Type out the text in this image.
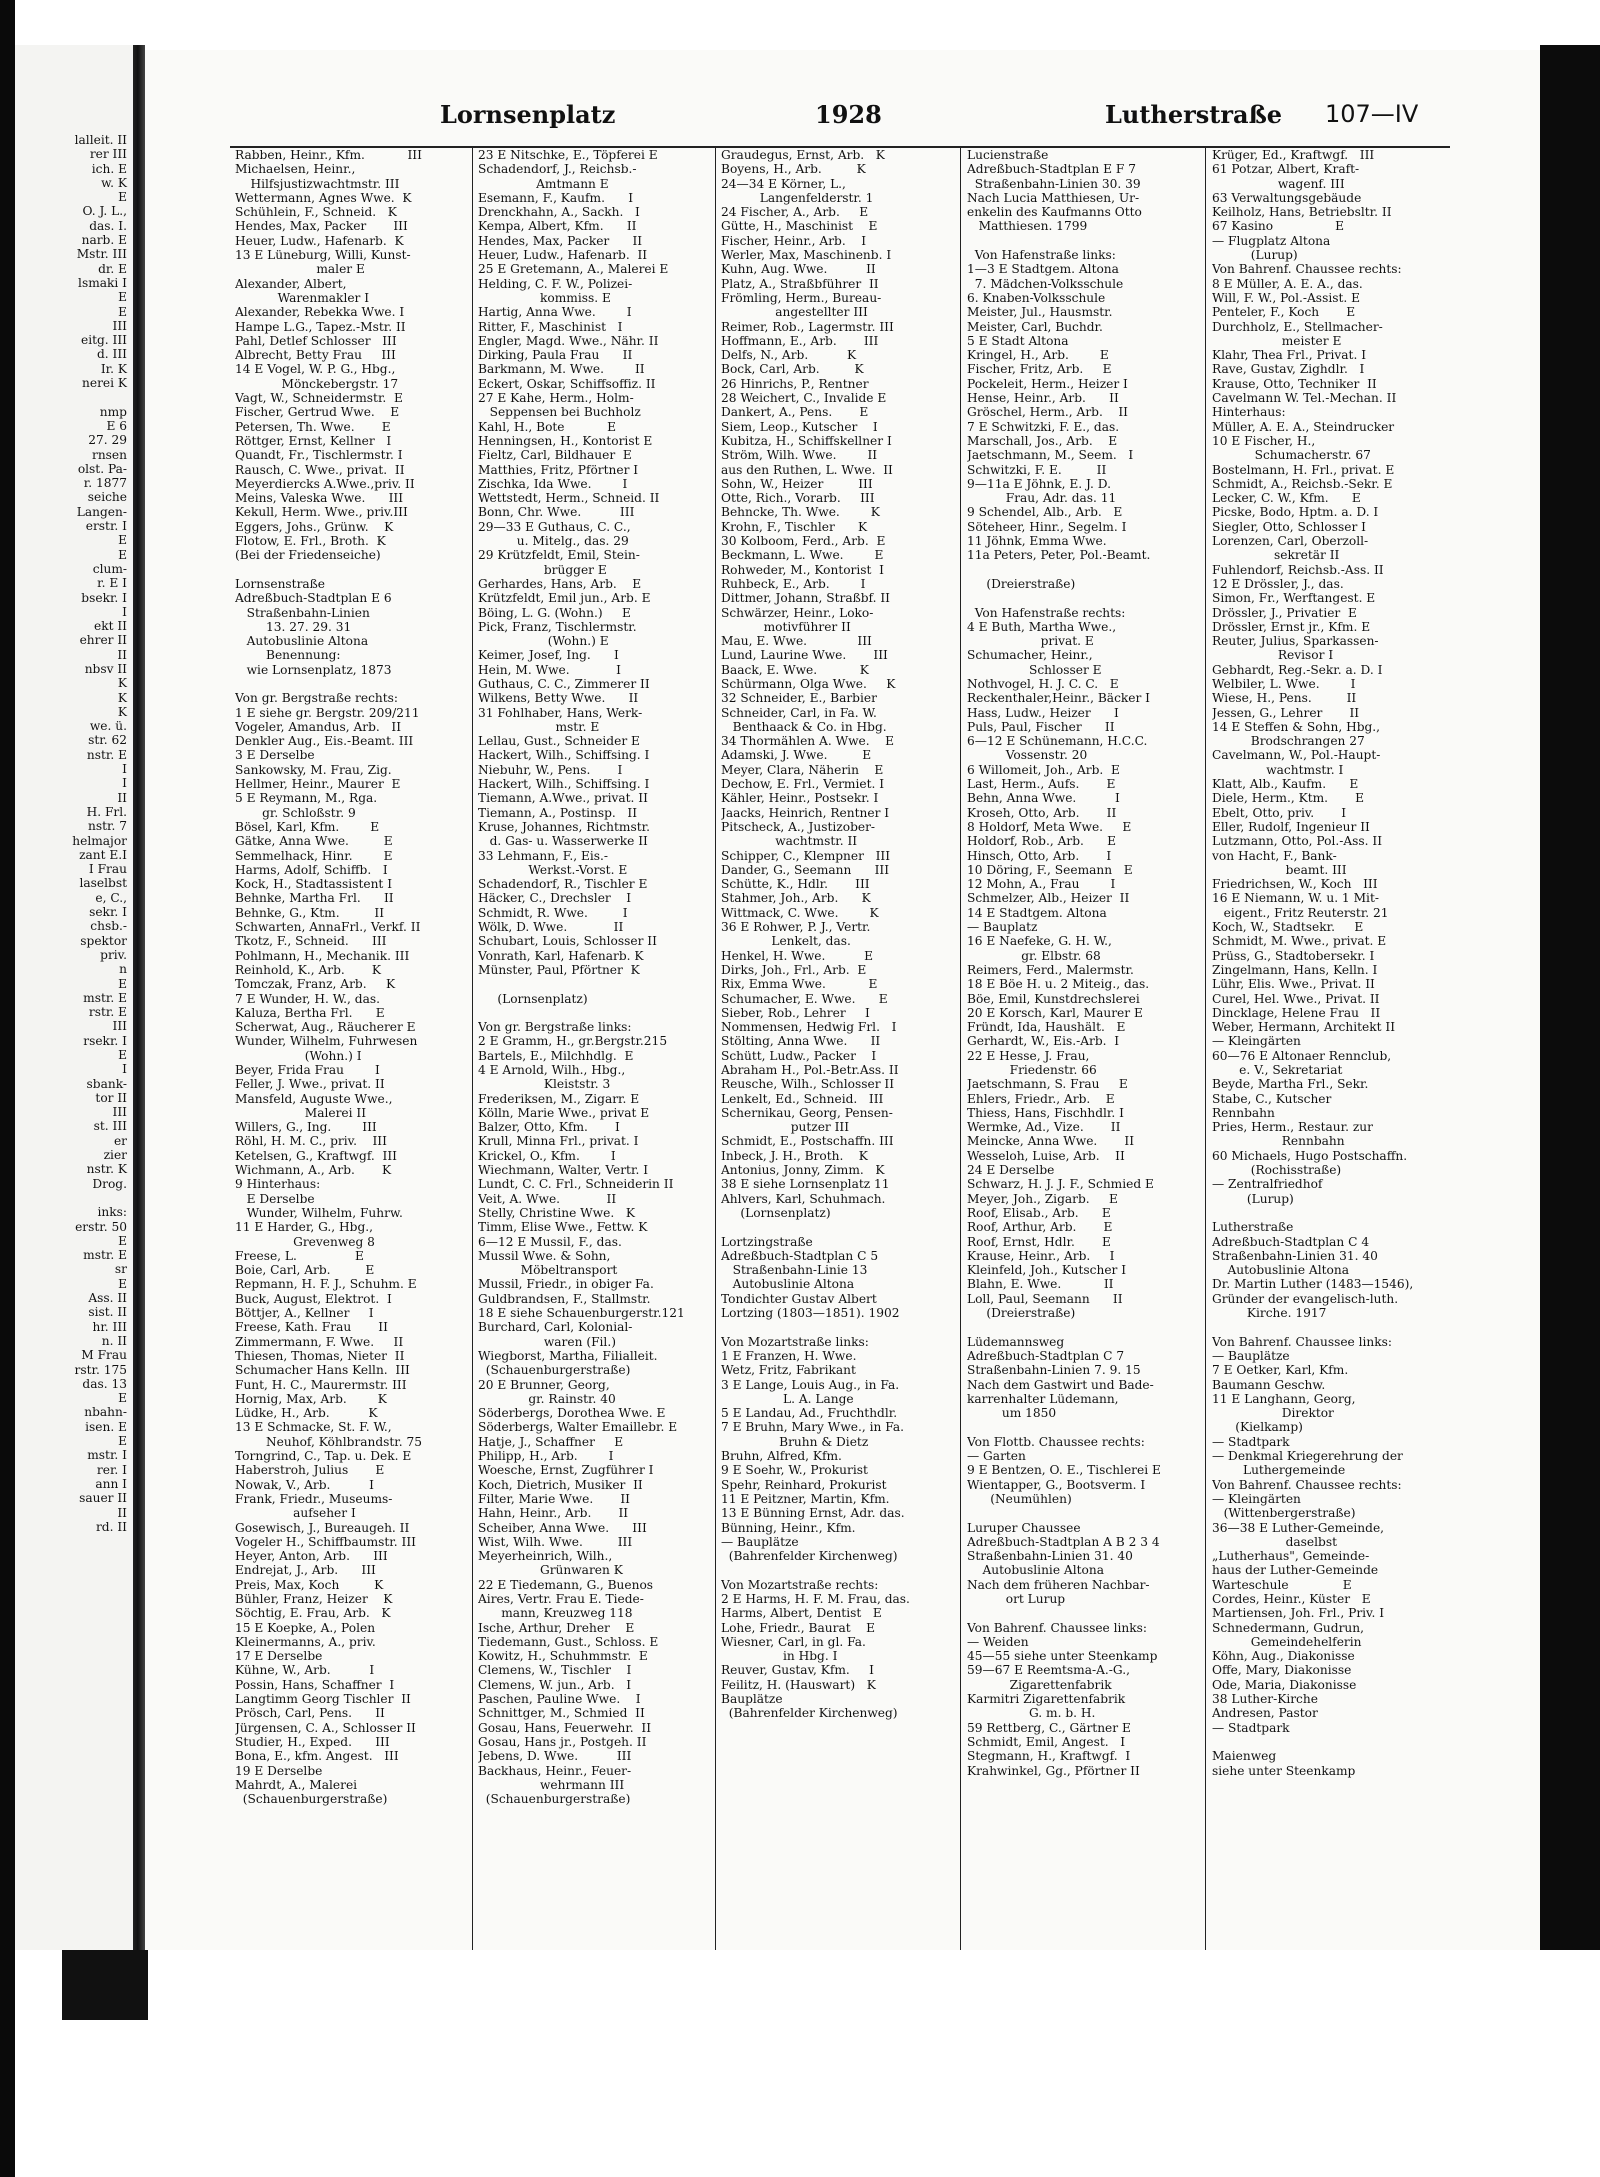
lalleit. II
rer III
ich. E
w. K
E
O. J. L.,
das. I.
narb. E
Mstr. III
dr. E
lsmaki I
E
E
III
eitg. III
d. III
Ir. K
nerei K

nmp
E 6
27. 29
rnsen
olst. Pa-
r. 1877
seiche
Langen-
erstr. I
E
E
clum-
r. E I
bsekr. I
I
ekt II
ehrer II
II
nbsv II
K
K
K
we. ü.
str. 62
nstr. E
I
I
II
H. Frl.
nstr. 7
helmajor
zant E.I
I Frau
laselbst
e, C.,
sekr. I
chsb.-
spektor
priv.
n
E
mstr. E
rstr. E
III
rsekr. I
E
I
sbank-
tor II
III
st. III
er
zier
nstr. K
Drog.

inks:
erstr. 50
E
mstr. E
sr
E
Ass. II
sist. II
hr. III
n. II
M Frau
rstr. 175
das. 13
E
nbahn-
isen. E
E
mstr. I
rer. I
ann I
sauer II
II
rd. II
Lornsenplatz	1928	Lutherstraße 107—IV
Rabben, Heinr., Kfm.           III
Michaelsen, Heinr.,
Hilfsjustizwachtmstr. III
Wettermann, Agnes Wwe.  K
Schühlein, F., Schneid.   K
Hendes, Max, Packer       III
Heuer, Ludw., Hafenarb.  K
13 E Lüneburg, Willi, Kunst-
maler E
Alexander, Albert,
Warenmakler I
Alexander, Rebekka Wwe. I
Hampe L.G., Tapez.-Mstr. II
Pahl, Detlef Schlosser   III
Albrecht, Betty Frau     III
14 E Vogel, W. P. G., Hbg.,
Mönckebergstr. 17
Vagt, W., Schneidermstr.  E
Fischer, Gertrud Wwe.    E
Petersen, Th. Wwe.       E
Röttger, Ernst, Kellner   I
Quandt, Fr., Tischlermstr. I
Rausch, C. Wwe., privat.  II
Meyerdiercks A.Wwe.,priv. II
Meins, Valeska Wwe.      III
Kekull, Herm. Wwe., priv.III
Eggers, Johs., Grünw.    K
Flotow, E. Frl., Broth.  K
(Bei der Friedenseiche)

Lornsenstraße
Adreßbuch-Stadtplan E 6
Straßenbahn-Linien
13. 27. 29. 31
Autobuslinie Altona
Benennung:
wie Lornsenplatz, 1873

Von gr. Bergstraße rechts:
1 E siehe gr. Bergstr. 209/211
Vogeler, Amandus, Arb.   II
Denkler Aug., Eis.-Beamt. III
3 E Derselbe
Sankowsky, M. Frau, Zig.
Hellmer, Heinr., Maurer  E
5 E Reymann, M., Rga.
gr. Schloßstr. 9
Bösel, Karl, Kfm.        E
Gätke, Anna Wwe.         E
Semmelhack, Hinr.        E
Harms, Adolf, Schiffb.   I
Kock, H., Stadtassistent I
Behnke, Martha Frl.      II
Behnke, G., Ktm.         II
Schwarten, AnnaFrl., Verkf. II
Tkotz, F., Schneid.      III
Pohlmann, H., Mechanik. III
Reinhold, K., Arb.       K
Tomczak, Franz, Arb.     K
7 E Wunder, H. W., das.
Kaluza, Bertha Frl.      E
Scherwat, Aug., Räucherer E
Wunder, Wilhelm, Fuhrwesen
(Wohn.) I
Beyer, Frida Frau        I
Feller, J. Wwe., privat. II
Mansfeld, Auguste Wwe.,
Malerei II
Willers, G., Ing.        III
Röhl, H. M. C., priv.    III
Ketelsen, G., Kraftwgf.  III
Wichmann, A., Arb.       K
9 Hinterhaus:
E Derselbe
Wunder, Wilhelm, Fuhrw.
11 E Harder, G., Hbg.,
Grevenweg 8
Freese, L.               E
Boie, Carl, Arb.         E
Repmann, H. F. J., Schuhm. E
Buck, August, Elektrot.  I
Böttjer, A., Kellner     I
Freese, Kath. Frau       II
Zimmermann, F. Wwe.     II
Thiesen, Thomas, Nieter  II
Schumacher Hans Kelln.  III
Funt, H. C., Maurermstr. III
Hornig, Max, Arb.        K
Lüdke, H., Arb.          K
13 E Schmacke, St. F. W.,
Neuhof, Köhlbrandstr. 75
Torngrind, C., Tap. u. Dek. E
Haberstroh, Julius       E
Nowak, V., Arb.          I
Frank, Friedr., Museums-
aufseher I
Gosewisch, J., Bureaugeh. II
Vogeler H., Schiffbaumstr. III
Heyer, Anton, Arb.      III
Endrejat, J., Arb.      III
Preis, Max, Koch         K
Bühler, Franz, Heizer    K
Söchtig, E. Frau, Arb.   K
15 E Koepke, A., Polen
Kleinermanns, A., priv.
17 E Derselbe
Kühne, W., Arb.          I
Possin, Hans, Schaffner  I
Langtimm Georg Tischler  II
Prösch, Carl, Pens.      II
Jürgensen, C. A., Schlosser II
Studier, H., Exped.      III
Bona, E., kfm. Angest.   III
19 E Derselbe
Mahrdt, A., Malerei
(Schauenburgerstraße)
23 E Nitschke, E., Töpferei E
Schadendorf, J., Reichsb.-
Amtmann E
Esemann, F., Kaufm.      I
Drenckhahn, A., Sackh.   I
Kempa, Albert, Kfm.      II
Hendes, Max, Packer      II
Heuer, Ludw., Hafenarb.  II
25 E Gretemann, A., Malerei E
Helding, C. F. W., Polizei-
kommiss. E
Hartig, Anna Wwe.        I
Ritter, F., Maschinist   I
Engler, Magd. Wwe., Nähr. II
Dirking, Paula Frau      II
Barkmann, M. Wwe.        II
Eckert, Oskar, Schiffsoffiz. II
27 E Kahe, Herm., Holm-
Seppensen bei Buchholz
Kahl, H., Bote           E
Henningsen, H., Kontorist E
Fieltz, Carl, Bildhauer  E
Matthies, Fritz, Pförtner I
Zischka, Ida Wwe.        I
Wettstedt, Herm., Schneid. II
Bonn, Chr. Wwe.          III
29—33 E Guthaus, C. C.,
u. Mitelg., das. 29
29 Krützfeldt, Emil, Stein-
brügger E
Gerhardes, Hans, Arb.    E
Krützfeldt, Emil jun., Arb. E
Böing, L. G. (Wohn.)     E
Pick, Franz, Tischlermstr.
(Wohn.) E
Keimer, Josef, Ing.      I
Hein, M. Wwe.            I
Guthaus, C. C., Zimmerer II
Wilkens, Betty Wwe.      II
31 Fohlhaber, Hans, Werk-
mstr. E
Lellau, Gust., Schneider E
Hackert, Wilh., Schiffsing. I
Niebuhr, W., Pens.       I
Hackert, Wilh., Schiffsing. I
Tiemann, A.Wwe., privat. II
Tiemann, A., Postinsp.   II
Kruse, Johannes, Richtmstr.
d. Gas- u. Wasserwerke II
33 Lehmann, F., Eis.-
Werkst.-Vorst. E
Schadendorf, R., Tischler E
Häcker, C., Drechsler    I
Schmidt, R. Wwe.         I
Wölk, D. Wwe.            II
Schubart, Louis, Schlosser II
Vonrath, Karl, Hafenarb. K
Münster, Paul, Pförtner  K

(Lornsenplatz)

Von gr. Bergstraße links:
2 E Gramm, H., gr.Bergstr.215
Bartels, E., Milchhdlg.  E
4 E Arnold, Wilh., Hbg.,
Kleiststr. 3
Frederiksen, M., Zigarr. E
Kölln, Marie Wwe., privat E
Balzer, Otto, Kfm.       I
Krull, Minna Frl., privat. I
Krickel, O., Kfm.        I
Wiechmann, Walter, Vertr. I
Lundt, C. C. Frl., Schneiderin II
Veit, A. Wwe.            II
Stelly, Christine Wwe.   K
Timm, Elise Wwe., Fettw. K
6—12 E Mussil, F., das.
Mussil Wwe. & Sohn,
Möbeltransport
Mussil, Friedr., in obiger Fa.
Guldbrandsen, F., Stallmstr.
18 E siehe Schauenburgerstr.121
Burchard, Carl, Kolonial-
waren (Fil.)
Wiegborst, Martha, Filialleit.
(Schauenburgerstraße)
20 E Brunner, Georg,
gr. Rainstr. 40
Söderbergs, Dorothea Wwe. E
Söderbergs, Walter Emaillebr. E
Hatje, J., Schaffner     E
Philipp, H., Arb.        I
Woesche, Ernst, Zugführer I
Koch, Dietrich, Musiker  II
Filter, Marie Wwe.       II
Hahn, Heinr., Arb.       II
Scheiber, Anna Wwe.      III
Wist, Wilh. Wwe.         III
Meyerheinrich, Wilh.,
Grünwaren K
22 E Tiedemann, G., Buenos
Aires, Vertr. Frau E. Tiede-
mann, Kreuzweg 118
Ische, Arthur, Dreher    E
Tiedemann, Gust., Schloss. E
Kowitz, H., Schuhmmstr.  E
Clemens, W., Tischler    I
Clemens, W. jun., Arb.   I
Paschen, Pauline Wwe.    I
Schnittger, M., Schmied  II
Gosau, Hans, Feuerwehr.  II
Gosau, Hans jr., Postgeh. II
Jebens, D. Wwe.          III
Backhaus, Heinr., Feuer-
wehrmann III
(Schauenburgerstraße)
Graudegus, Ernst, Arb.   K
Boyens, H., Arb.         K
24—34 E Körner, L.,
Langenfelderstr. 1
24 Fischer, A., Arb.     E
Gütte, H., Maschinist    E
Fischer, Heinr., Arb.    I
Werler, Max, Maschinenb. I
Kuhn, Aug. Wwe.          II
Platz, A., Straßbführer  II
Frömling, Herm., Bureau-
angestellter III
Reimer, Rob., Lagermstr. III
Hoffmann, E., Arb.       III
Delfs, N., Arb.          K
Bock, Carl, Arb.         K
26 Hinrichs, P., Rentner
28 Weichert, C., Invalide E
Dankert, A., Pens.       E
Siem, Leop., Kutscher    I
Kubitza, H., Schiffskellner I
Ström, Wilh. Wwe.        II
aus den Ruthen, L. Wwe.  II
Sohn, W., Heizer         III
Otte, Rich., Vorarb.     III
Behncke, Th. Wwe.        K
Krohn, F., Tischler      K
30 Kolboom, Ferd., Arb.  E
Beckmann, L. Wwe.        E
Rohweder, M., Kontorist  I
Ruhbeck, E., Arb.        I
Dittmer, Johann, Straßbf. II
Schwärzer, Heinr., Loko-
motivführer II
Mau, E. Wwe.             III
Lund, Laurine Wwe.       III
Baack, E. Wwe.           K
Schürmann, Olga Wwe.     K
32 Schneider, E., Barbier
Schneider, Carl, in Fa. W.
Benthaack & Co. in Hbg.
34 Thormählen A. Wwe.    E
Adamski, J. Wwe.         E
Meyer, Clara, Näherin    E
Dechow, E. Frl., Vermiet. I
Kähler, Heinr., Postsekr. I
Jaacks, Heinrich, Rentner I
Pitscheck, A., Justizober-
wachtmstr. II
Schipper, C., Klempner   III
Dander, G., Seemann      III
Schütte, K., Hdlr.       III
Stahmer, Joh., Arb.      K
Wittmack, C. Wwe.        K
36 E Rohwer, P. J., Vertr.
Lenkelt, das.
Henkel, H. Wwe.          E
Dirks, Joh., Frl., Arb.  E
Rix, Emma Wwe.           E
Schumacher, E. Wwe.      E
Sieber, Rob., Lehrer     I
Nommensen, Hedwig Frl.   I
Stölting, Anna Wwe.      II
Schütt, Ludw., Packer    I
Abraham H., Pol.-Betr.Ass. II
Reusche, Wilh., Schlosser II
Lenkelt, Ed., Schneid.   III
Schernikau, Georg, Pensen-
putzer III
Schmidt, E., Postschaffn. III
Inbeck, J. H., Broth.    K
Antonius, Jonny, Zimm.   K
38 E siehe Lornsenplatz 11
Ahlvers, Karl, Schuhmach.
(Lornsenplatz)

Lortzingstraße
Adreßbuch-Stadtplan C 5
Straßenbahn-Linie 13
Autobuslinie Altona
Tondichter Gustav Albert
Lortzing (1803—1851). 1902

Von Mozartstraße links:
1 E Franzen, H. Wwe.
Wetz, Fritz, Fabrikant
3 E Lange, Louis Aug., in Fa.
L. A. Lange
5 E Landau, Ad., Fruchthdlr.
7 E Bruhn, Mary Wwe., in Fa.
Bruhn & Dietz
Bruhn, Alfred, Kfm.
9 E Soehr, W., Prokurist
Spehr, Reinhard, Prokurist
11 E Peitzner, Martin, Kfm.
13 E Bünning Ernst, Adr. das.
Bünning, Heinr., Kfm.
— Bauplätze
(Bahrenfelder Kirchenweg)

Von Mozartstraße rechts:
2 E Harms, H. F. M. Frau, das.
Harms, Albert, Dentist   E
Lohe, Friedr., Baurat    E
Wiesner, Carl, in gl. Fa.
in Hbg. I
Reuver, Gustav, Kfm.     I
Feilitz, H. (Hauswart)   K
Bauplätze
(Bahrenfelder Kirchenweg)
Lucienstraße
Adreßbuch-Stadtplan E F 7
Straßenbahn-Linien 30. 39
Nach Lucia Matthiesen, Ur-
enkelin des Kaufmanns Otto
Matthiesen. 1799

Von Hafenstraße links:
1—3 E Stadtgem. Altona
7. Mädchen-Volksschule
6. Knaben-Volksschule
Meister, Jul., Hausmstr.
Meister, Carl, Buchdr.
5 E Stadt Altona
Kringel, H., Arb.        E
Fischer, Fritz, Arb.     E
Pockeleit, Herm., Heizer I
Hense, Heinr., Arb.      II
Gröschel, Herm., Arb.    II
7 E Schwitzki, F. E., das.
Marschall, Jos., Arb.    E
Jaetschmann, M., Seem.   I
Schwitzki, F. E.         II
9—11a E Jöhnk, E. J. D.
Frau, Adr. das. 11
9 Schendel, Alb., Arb.   E
Söteheer, Hinr., Segelm. I
11 Jöhnk, Emma Wwe.
11a Peters, Peter, Pol.-Beamt.

(Dreierstraße)

Von Hafenstraße rechts:
4 E Buth, Martha Wwe.,
privat. E
Schumacher, Heinr.,
Schlosser E
Nothvogel, H. J. C. C.   E
Reckenthaler,Heinr., Bäcker I
Hass, Ludw., Heizer      I
Puls, Paul, Fischer      II
6—12 E Schünemann, H.C.C.
Vossenstr. 20
6 Willomeit, Joh., Arb.  E
Last, Herm., Aufs.       E
Behn, Anna Wwe.          I
Kroseh, Otto, Arb.       II
8 Holdorf, Meta Wwe.     E
Holdorf, Rob., Arb.      E
Hinsch, Otto, Arb.       I
10 Döring, F., Seemann   E
12 Mohn, A., Frau        I
Schmelzer, Alb., Heizer  II
14 E Stadtgem. Altona
— Bauplatz
16 E Naefeke, G. H. W.,
gr. Elbstr. 68
Reimers, Ferd., Malermstr.
18 E Böe H. u. 2 Miteig., das.
Böe, Emil, Kunstdrechslerei
20 E Korsch, Karl, Maurer E
Fründt, Ida, Haushält.   E
Gerhardt, W., Eis.-Arb.  I
22 E Hesse, J. Frau,
Friedenstr. 66
Jaetschmann, S. Frau     E
Ehlers, Friedr., Arb.    E
Thiess, Hans, Fischhdlr. I
Wermke, Ad., Vize.       II
Meincke, Anna Wwe.       II
Wesseloh, Luise, Arb.    II
24 E Derselbe
Schwarz, H. J. J. F., Schmied E
Meyer, Joh., Zigarb.     E
Roof, Elisab., Arb.      E
Roof, Arthur, Arb.       E
Roof, Ernst, Hdlr.       E
Krause, Heinr., Arb.     I
Kleinfeld, Joh., Kutscher I
Blahn, E. Wwe.           II
Loll, Paul, Seemann      II
(Dreierstraße)

Lüdemannsweg
Adreßbuch-Stadtplan C 7
Straßenbahn-Linien 7. 9. 15
Nach dem Gastwirt und Bade-
karrenhalter Lüdemann,
um 1850

Von Flottb. Chaussee rechts:
— Garten
9 E Bentzen, O. E., Tischlerei E
Wientapper, G., Bootsverm. I
(Neumühlen)

Luruper Chaussee
Adreßbuch-Stadtplan A B 2 3 4
Straßenbahn-Linien 31. 40
Autobuslinie Altona
Nach dem früheren Nachbar-
ort Lurup

Von Bahrenf. Chaussee links:
— Weiden
45—55 siehe unter Steenkamp
59—67 E Reemtsma-A.-G.,
Zigarettenfabrik
Karmitri Zigarettenfabrik
G. m. b. H.
59 Rettberg, C., Gärtner E
Schmidt, Emil, Angest.   I
Stegmann, H., Kraftwgf.  I
Krahwinkel, Gg., Pförtner II
Krüger, Ed., Kraftwgf.   III
61 Potzar, Albert, Kraft-
wagenf. III
63 Verwaltungsgebäude
Keilholz, Hans, Betriebsltr. II
67 Kasino                E
— Flugplatz Altona
(Lurup)
Von Bahrenf. Chaussee rechts:
8 E Müller, A. E. A., das.
Will, F. W., Pol.-Assist. E
Penteler, F., Koch       E
Durchholz, E., Stellmacher-
meister E
Klahr, Thea Frl., Privat. I
Rave, Gustav, Zighdlr.   I
Krause, Otto, Techniker  II
Cavelmann W. Tel.-Mechan. II
Hinterhaus:
Müller, A. E. A., Steindrucker
10 E Fischer, H.,
Schumacherstr. 67
Bostelmann, H. Frl., privat. E
Schmidt, A., Reichsb.-Sekr. E
Lecker, C. W., Kfm.      E
Picske, Bodo, Hptm. a. D. I
Siegler, Otto, Schlosser I
Lorenzen, Carl, Oberzoll-
sekretär II
Fuhlendorf, Reichsb.-Ass. II
12 E Drössler, J., das.
Simon, Fr., Werftangest. E
Drössler, J., Privatier  E
Drössler, Ernst jr., Kfm. E
Reuter, Julius, Sparkassen-
Revisor I
Gebhardt, Reg.-Sekr. a. D. I
Welbiler, L. Wwe.        I
Wiese, H., Pens.         II
Jessen, G., Lehrer       II
14 E Steffen & Sohn, Hbg.,
Brodschrangen 27
Cavelmann, W., Pol.-Haupt-
wachtmstr. I
Klatt, Alb., Kaufm.      E
Diele, Herm., Ktm.       E
Ebelt, Otto, priv.       I
Eller, Rudolf, Ingenieur II
Lutzmann, Otto, Pol.-Ass. II
von Hacht, F., Bank-
beamt. III
Friedrichsen, W., Koch   III
16 E Niemann, W. u. 1 Mit-
eigent., Fritz Reuterstr. 21
Koch, W., Stadtsekr.     E
Schmidt, M. Wwe., privat. E
Prüss, G., Stadtobersekr. I
Zingelmann, Hans, Kelln. I
Lühr, Elis. Wwe., Privat. II
Curel, Hel. Wwe., Privat. II
Dincklage, Helene Frau   II
Weber, Hermann, Architekt II
— Kleingärten
60—76 E Altonaer Rennclub,
e. V., Sekretariat
Beyde, Martha Frl., Sekr.
Stabe, C., Kutscher
Rennbahn
Pries, Herm., Restaur. zur
Rennbahn
60 Michaels, Hugo Postschaffn.
(Rochisstraße)
— Zentralfriedhof
(Lurup)

Lutherstraße
Adreßbuch-Stadtplan C 4
Straßenbahn-Linien 31. 40
Autobuslinie Altona
Dr. Martin Luther (1483—1546),
Gründer der evangelisch-luth.
Kirche. 1917

Von Bahrenf. Chaussee links:
— Bauplätze
7 E Oetker, Karl, Kfm.
Baumann Geschw.
11 E Langhann, Georg,
Direktor
(Kielkamp)
— Stadtpark
— Denkmal Kriegerehrung der
Luthergemeinde
Von Bahrenf. Chaussee rechts:
— Kleingärten
(Wittenbergerstraße)
36—38 E Luther-Gemeinde,
daselbst
„Lutherhaus", Gemeinde-
haus der Luther-Gemeinde
Warteschule              E
Cordes, Heinr., Küster   E
Martiensen, Joh. Frl., Priv. I
Schnedermann, Gudrun,
Gemeindehelferin
Köhn, Aug., Diakonisse
Offe, Mary, Diakonisse
Ode, Maria, Diakonisse
38 Luther-Kirche
Andresen, Pastor
— Stadtpark

Maienweg
siehe unter Steenkamp
